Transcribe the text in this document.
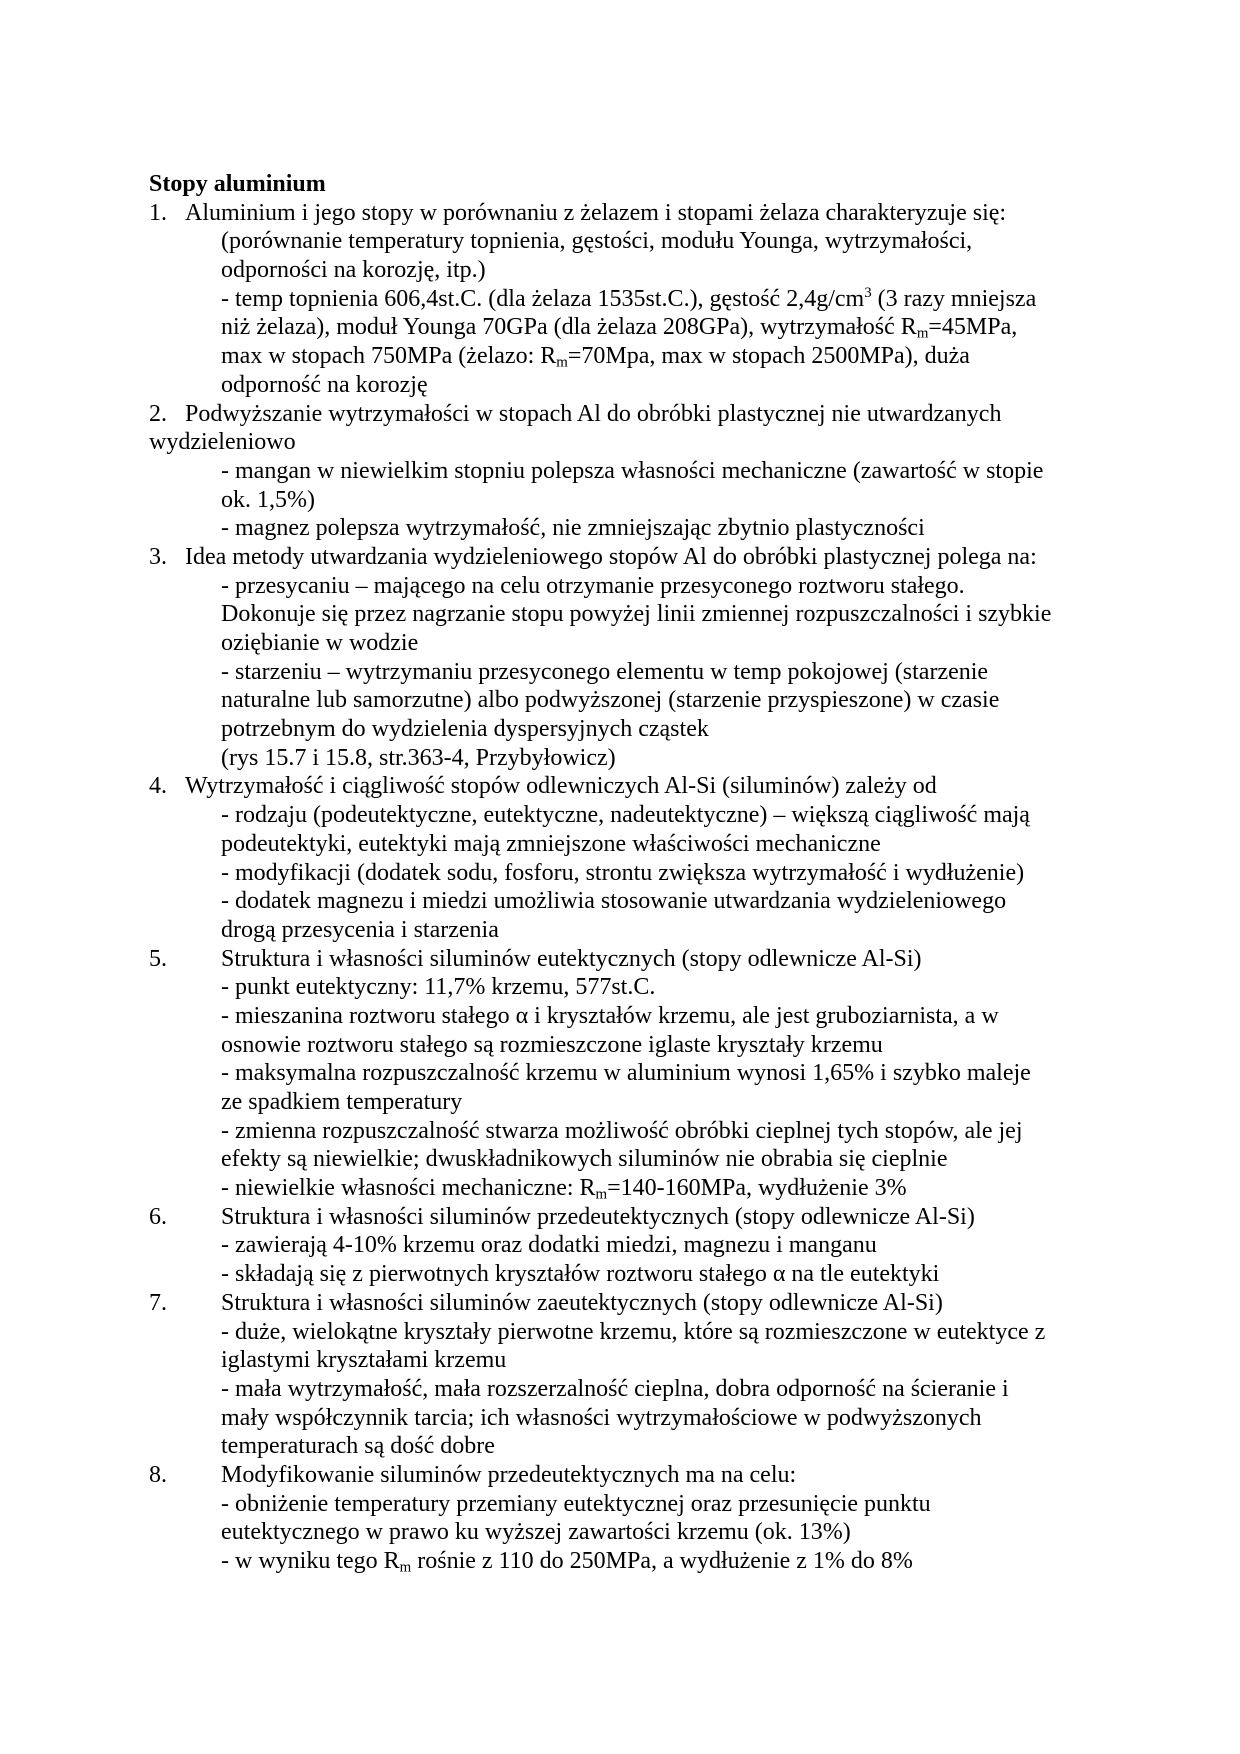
Stopy aluminium
1. Aluminium i jego stopy w porównaniu z żelazem i stopami żelaza charakteryzuje się:
(porównanie temperatury topnienia, gęstości, modułu Younga, wytrzymałości,
odporności na korozję, itp.)
- temp topnienia 606,4st.C. (dla żelaza 1535st.C.), gęstość $2,4g/cm^3$ (3 razy mniejsza
niż żelaza), moduł Younga 70GPa (dla żelaza 208GPa), wytrzymałość $R_m=45MPa$,
max w stopach 750MPa (żelazo: $R_m=70Mpa$, max w stopach 2500MPa), duża
odporność na korozję
2. Podwyższanie wytrzymałości w stopach Al do obróbki plastycznej nie utwardzanych
wydzieleniowo
- mangan w niewielkim stopniu polepsza własności mechaniczne (zawartość w stopie
ok. 1,5%)
- magnez polepsza wytrzymałość, nie zmniejszając zbytnio plastyczności
3. Idea metody utwardzania wydzieleniowego stopów Al do obróbki plastycznej polega na:
- przesycaniu – mającego na celu otrzymanie przesyconego roztworu stałego.
Dokonuje się przez nagrzanie stopu powyżej linii zmiennej rozpuszczalności i szybkie
oziębianie w wodzie
- starzeniu – wytrzymaniu przesyconego elementu w temp pokojowej (starzenie
naturalne lub samorzutne) albo podwyższonej (starzenie przyspieszone) w czasie
potrzebnym do wydzielenia dyspersyjnych cząstek
(rys 15.7 i 15.8, str.363-4, Przybyłowicz)
4. Wytrzymałość i ciągliwość stopów odlewniczych Al-Si (siluminów) zależy od
- rodzaju (podeutektyczne, eutektyczne, nadeutektyczne) – większą ciągliwość mają
podeutektyki, eutektyki mają zmniejszone właściwości mechaniczne
- modyfikacji (dodatek sodu, fosforu, strontu zwiększa wytrzymałość i wydłużenie)
- dodatek magnezu i miedzi umożliwia stosowanie utwardzania wydzieleniowego
drogą przesycenia i starzenia
5. Struktura i własności siluminów eutektycznych (stopy odlewnicze Al-Si)
- punkt eutektyczny: 11,7% krzemu, 577st.C.
- mieszanina roztworu stałego α i kryształów krzemu, ale jest gruboziarnista, a w
osnowie roztworu stałego są rozmieszczone iglaste kryształy krzemu
- maksymalna rozpuszczalność krzemu w aluminium wynosi 1,65% i szybko maleje
ze spadkiem temperatury
- zmienna rozpuszczalność stwarza możliwość obróbki cieplnej tych stopów, ale jej
efekty są niewielkie; dwuskładnikowych siluminów nie obrabia się cieplnie
- niewielkie własności mechaniczne: $R_m=140-160MPa$, wydłużenie 3%
6. Struktura i własności siluminów przedeutektycznych (stopy odlewnicze Al-Si)
- zawierają 4-10% krzemu oraz dodatki miedzi, magnezu i manganu
- składają się z pierwotnych kryształów roztworu stałego α na tle eutektyki
7. Struktura i własności siluminów zaeutektycznych (stopy odlewnicze Al-Si)
- duże, wielokątne kryształy pierwotne krzemu, które są rozmieszczone w eutektyce z
iglastymi kryształami krzemu
- mała wytrzymałość, mała rozszerzalność cieplna, dobra odporność na ścieranie i
mały współczynnik tarcia; ich własności wytrzymałościowe w podwyższonych
temperaturach są dość dobre
8. Modyfikowanie siluminów przedeutektycznych ma na celu:
- obniżenie temperatury przemiany eutektycznej oraz przesunięcie punktu
eutektycznego w prawo ku wyższej zawartości krzemu (ok. 13%)
- w wyniku tego $R_m$ rośnie z 110 do 250MPa, a wydłużenie z 1% do 8%
